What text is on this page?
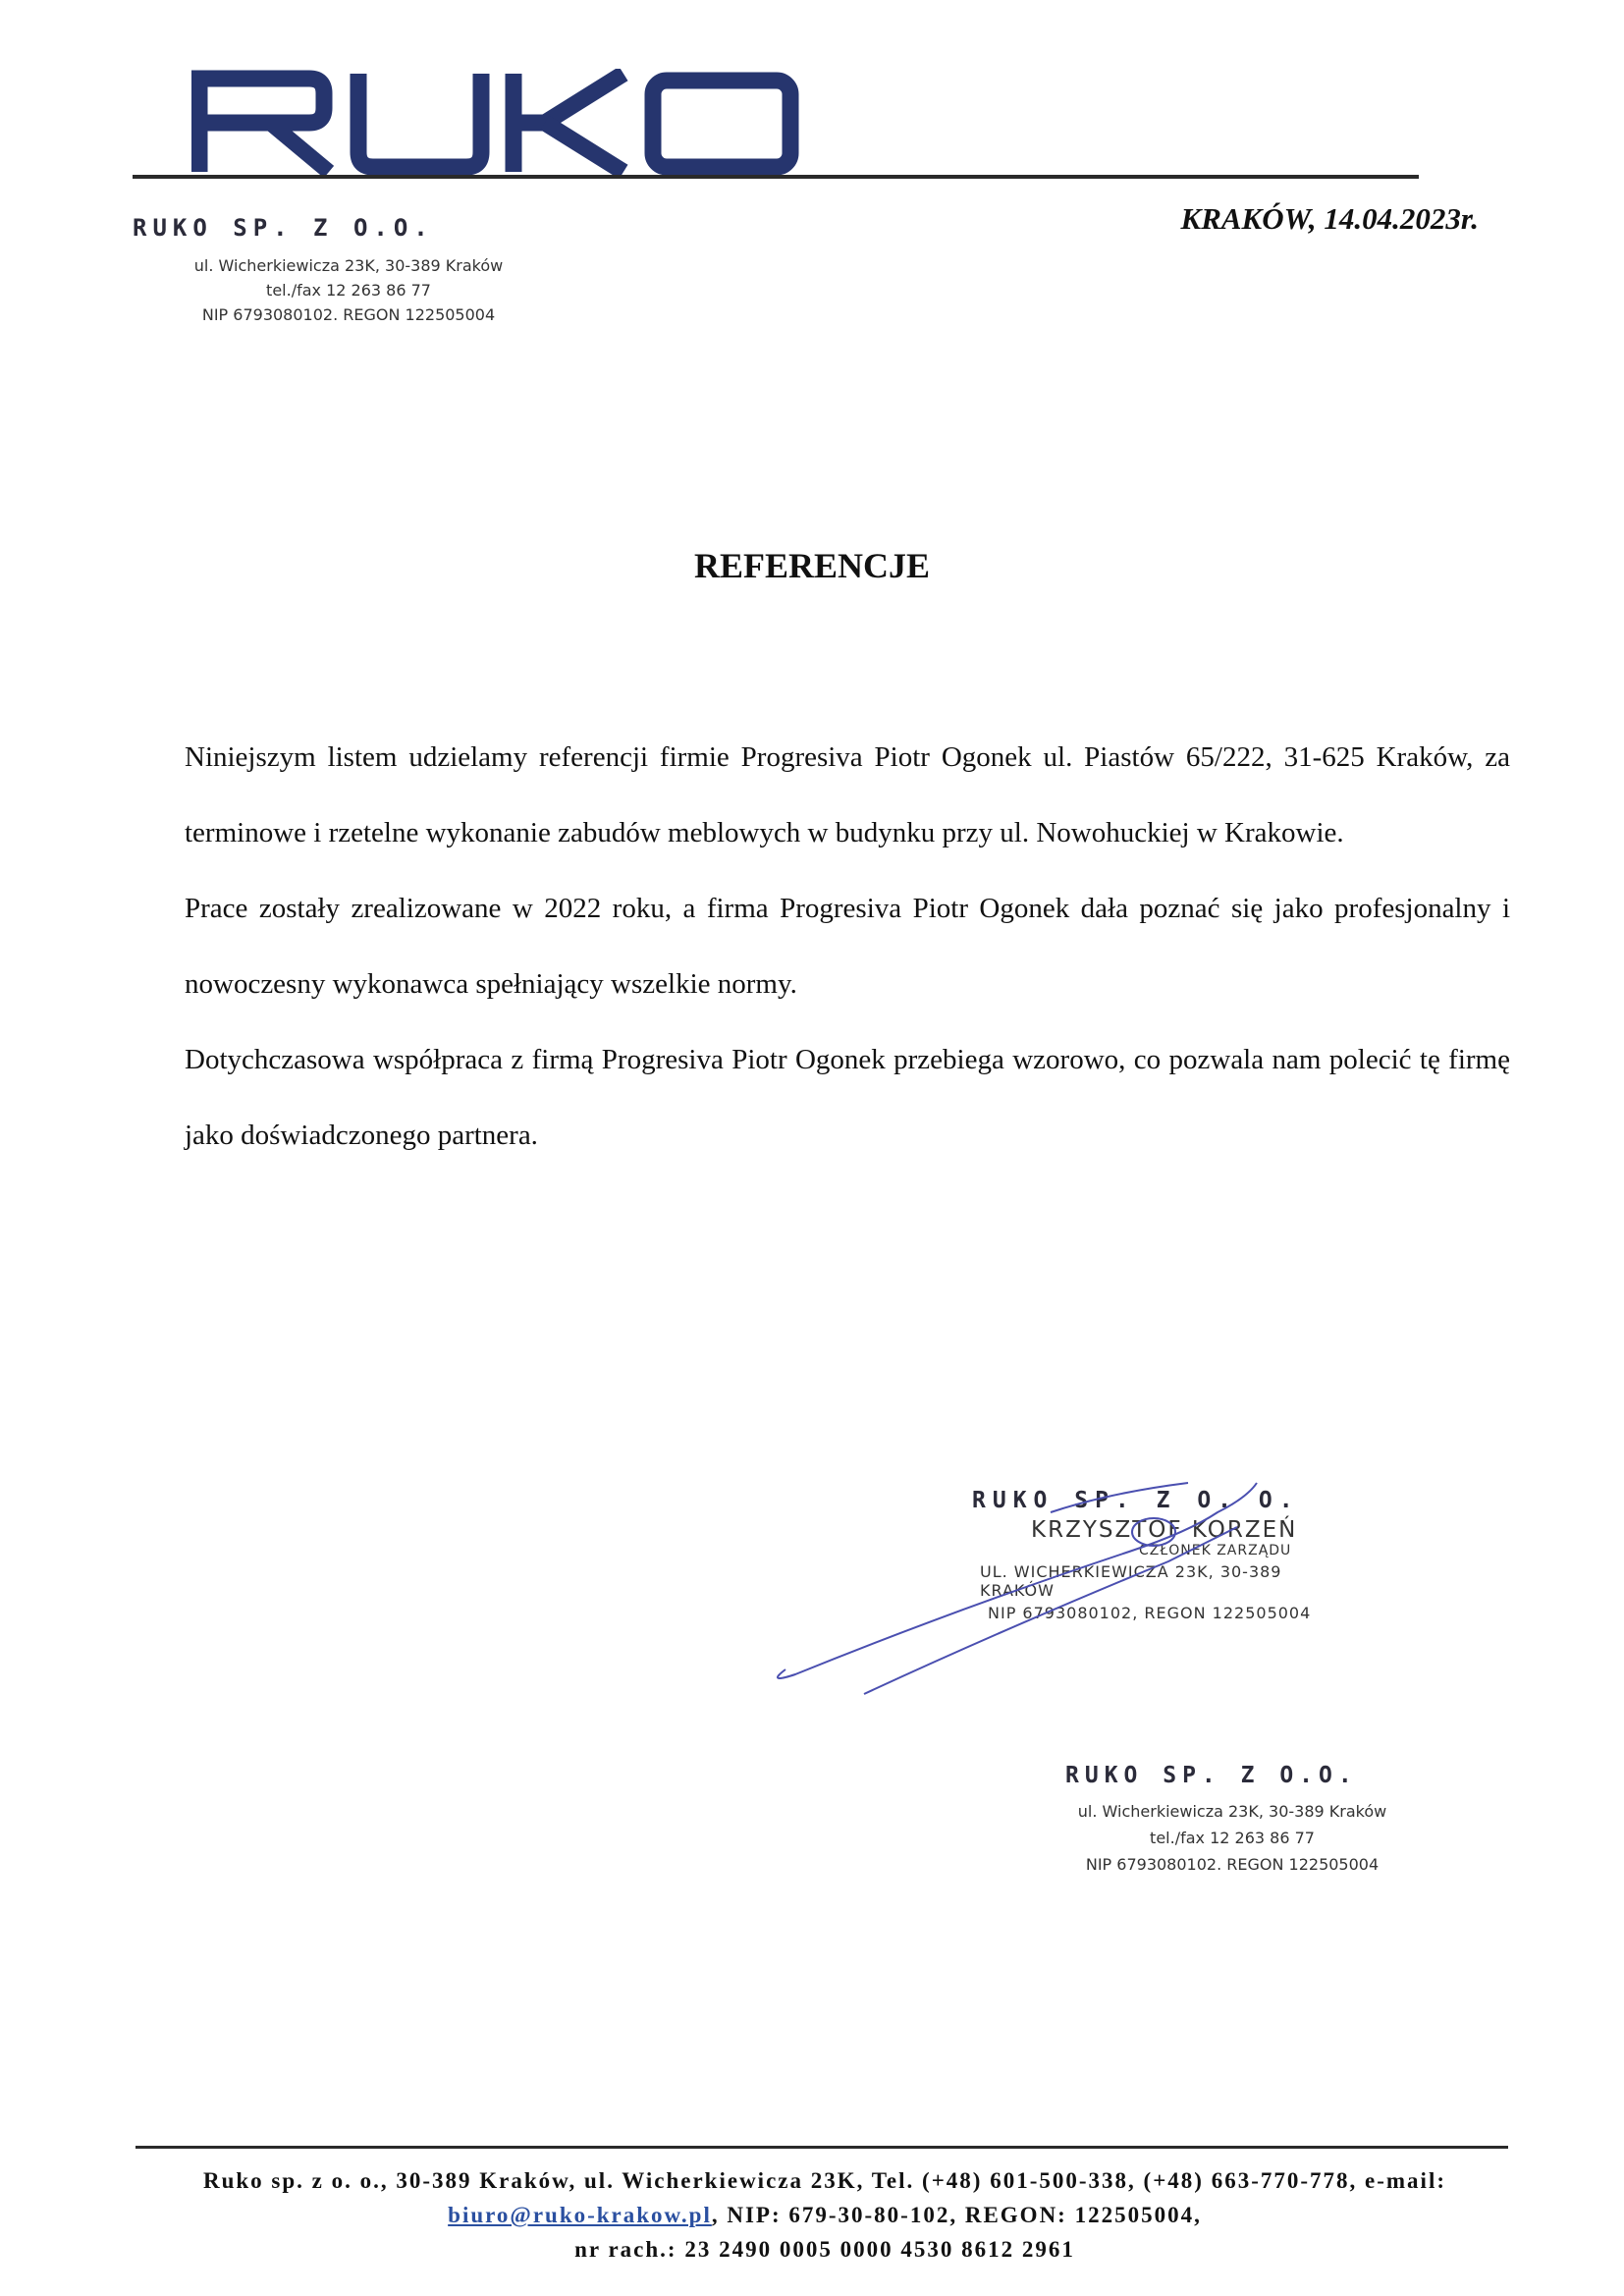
RUKO SP. Z O.O.
ul. Wicherkiewicza 23K, 30-389 Kraków
tel./fax 12 263 86 77
NIP 6793080102. REGON 122505004
KRAKÓW, 14.04.2023r.
REFERENCJE

Niniejszym listem udzielamy referencji firmie Progresiva Piotr Ogonek ul. Piastów 65/222, 31-625 Kraków, za terminowe i rzetelne wykonanie zabudów meblowych w budynku przy ul. Nowohuckiej w Krakowie.

Prace zostały zrealizowane w 2022 roku, a firma Progresiva Piotr Ogonek dała poznać się jako profesjonalny i nowoczesny wykonawca spełniający wszelkie normy.

Dotychczasowa współpraca z firmą Progresiva Piotr Ogonek przebiega wzorowo, co pozwala nam polecić tę firmę jako doświadczonego partnera.

RUKO SP. Z O. O.
KRZYSZTOF KORZEŃ
CZŁONEK ZARZĄDU
UL. WICHERKIEWICZA 23K, 30-389 KRAKÓW
NIP 6793080102, REGON 122505004
RUKO SP. Z O.O.
ul. Wicherkiewicza 23K, 30-389 Kraków
tel./fax 12 263 86 77
NIP 6793080102. REGON 122505004
Ruko sp. z o. o., 30-389 Kraków, ul. Wicherkiewicza 23K, Tel. (+48) 601-500-338, (+48) 663-770-778, e-mail: biuro@ruko-krakow.pl, NIP: 679-30-80-102, REGON: 122505004,
nr rach.: 23 2490 0005 0000 4530 8612 2961
